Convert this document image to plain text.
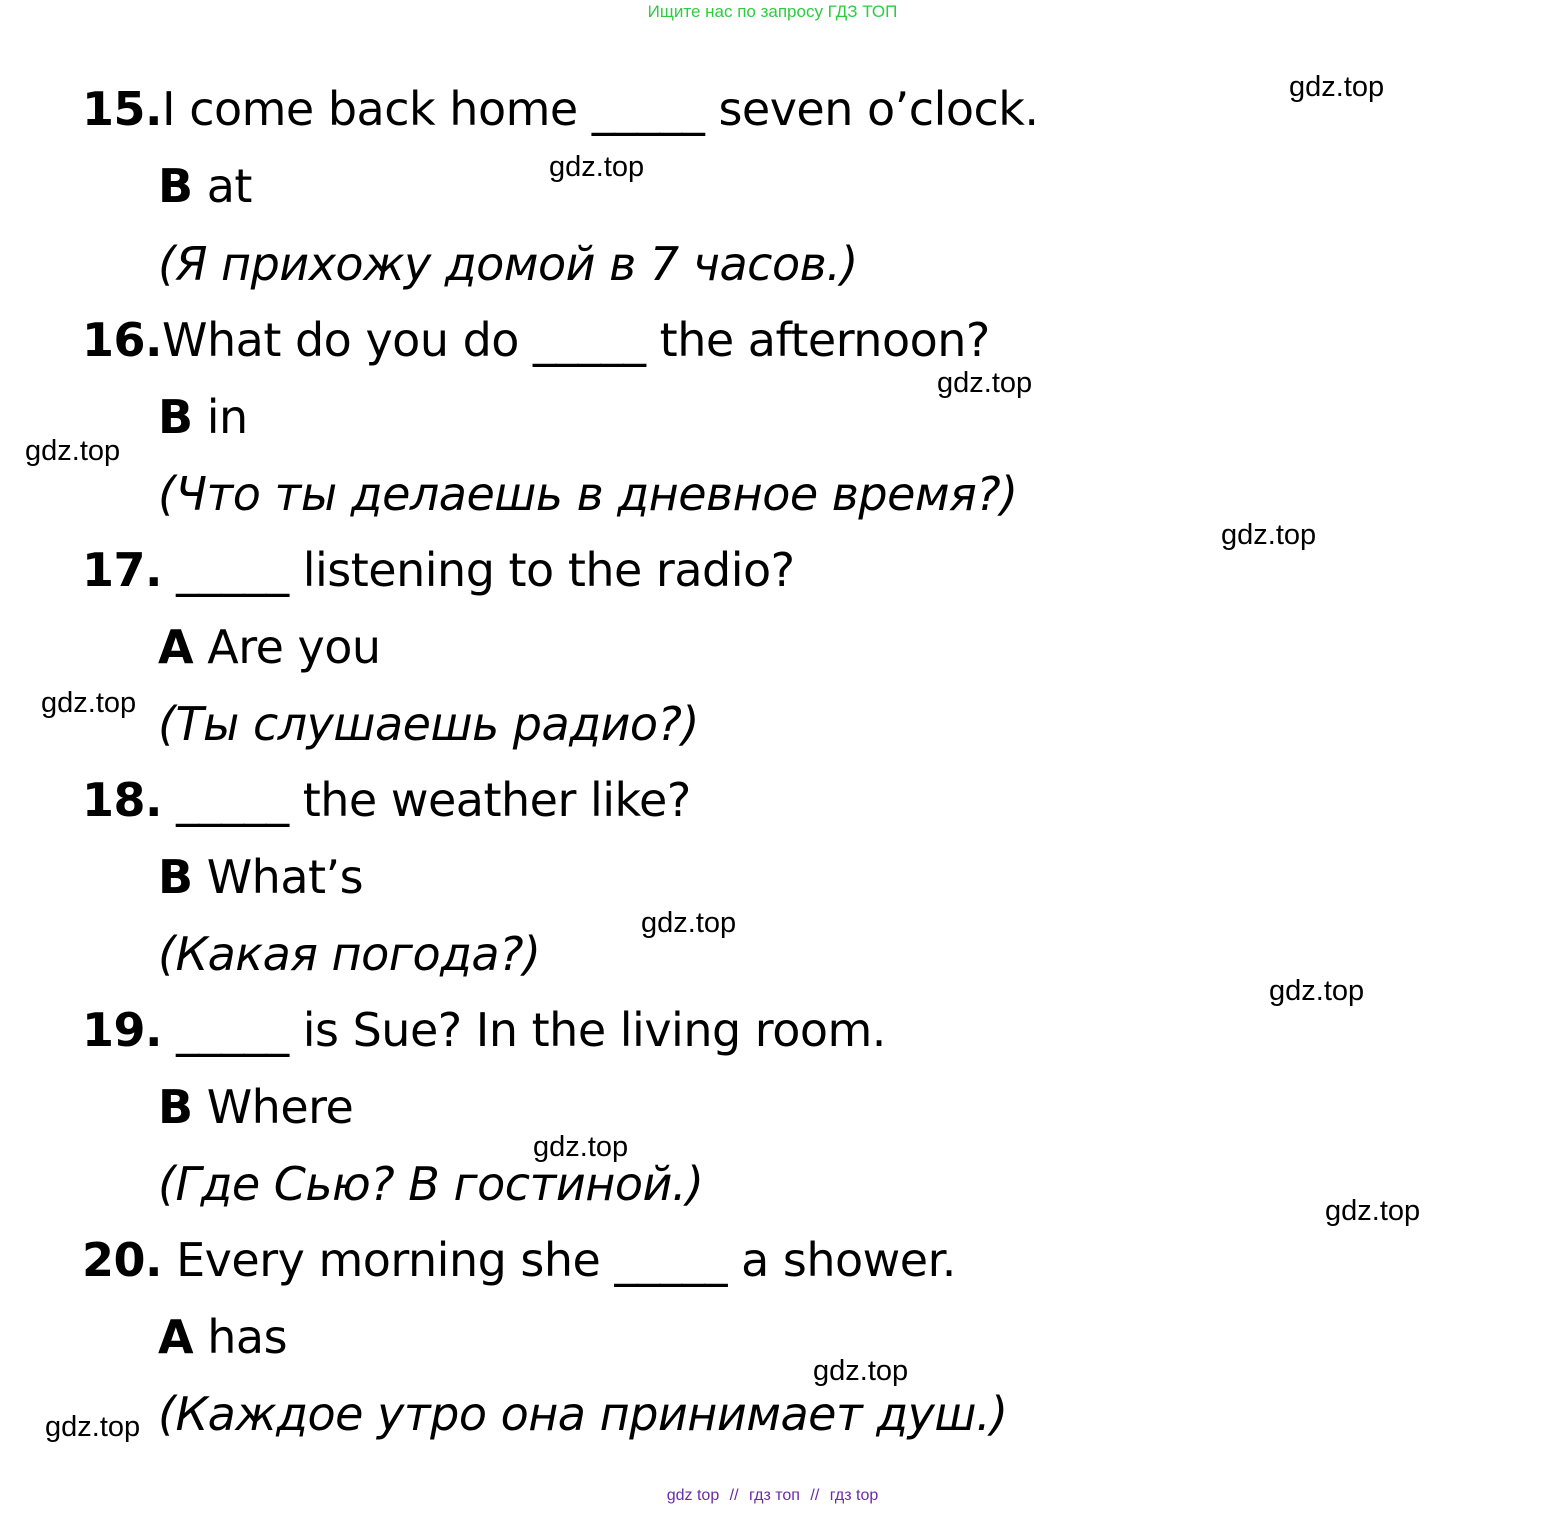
Ищите нас по запросу ГДЗ ТОП
15.I come back home _____ seven o’clock.
B at
(Я прихожу домой в 7 часов.)
16.What do you do _____ the afternoon?
B in
(Что ты делаешь в дневное время?)
17. _____ listening to the radio?
A Are you
(Ты слушаешь радио?)
18. _____ the weather like?
B What’s
(Какая погода?)
19. _____ is Sue? In the living room.
B Where
(Где Сью? В гостиной.)
20. Every morning she _____ a shower.
A has
(Каждое утро она принимает душ.)
gdz.top
gdz.top
gdz.top
gdz.top
gdz.top
gdz.top
gdz.top
gdz.top
gdz.top
gdz.top
gdz.top
gdz.top
gdz top // гдз топ // гдз top
